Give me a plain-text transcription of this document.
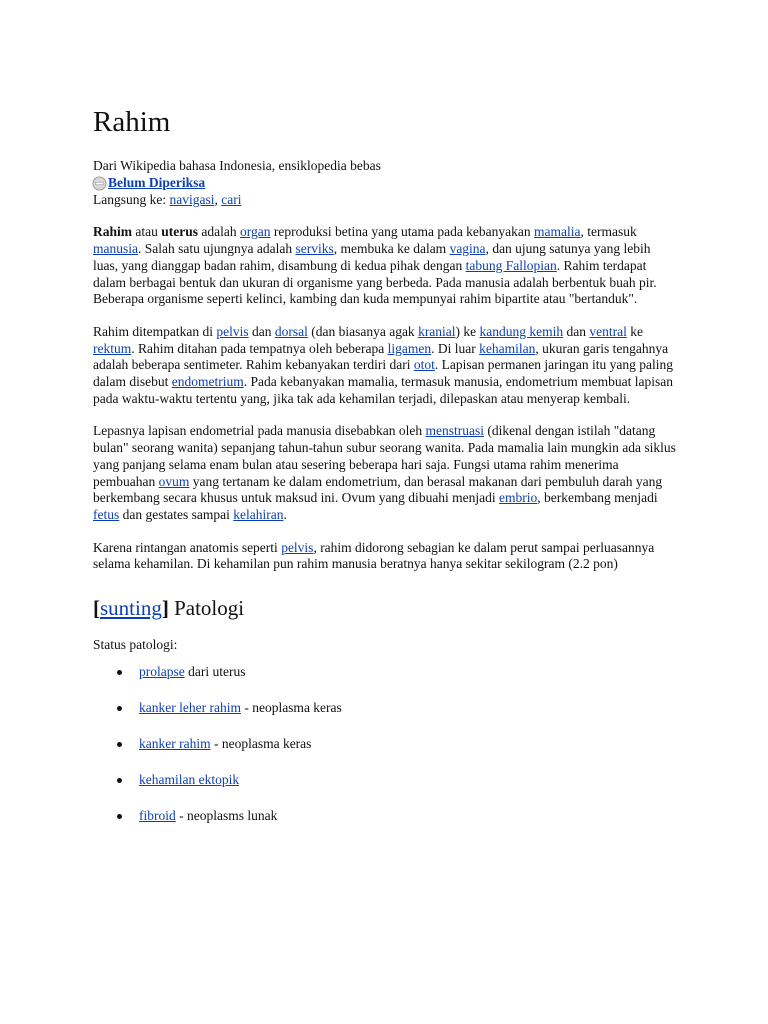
Rahim
Dari Wikipedia bahasa Indonesia, ensiklopedia bebas
Belum Diperiksa
Langsung ke: navigasi, cari

Rahim atau uterus adalah organ reproduksi betina yang utama pada kebanyakan mamalia, termasuk manusia. Salah satu ujungnya adalah serviks, membuka ke dalam vagina, dan ujung satunya yang lebih luas, yang dianggap badan rahim, disambung di kedua pihak dengan tabung Fallopian. Rahim terdapat dalam berbagai bentuk dan ukuran di organisme yang berbeda. Pada manusia adalah berbentuk buah pir. Beberapa organisme seperti kelinci, kambing dan kuda mempunyai rahim bipartite atau "bertanduk".

Rahim ditempatkan di pelvis dan dorsal (dan biasanya agak kranial) ke kandung kemih dan ventral ke rektum. Rahim ditahan pada tempatnya oleh beberapa ligamen. Di luar kehamilan, ukuran garis tengahnya adalah beberapa sentimeter. Rahim kebanyakan terdiri dari otot. Lapisan permanen jaringan itu yang paling dalam disebut endometrium. Pada kebanyakan mamalia, termasuk manusia, endometrium membuat lapisan pada waktu-waktu tertentu yang, jika tak ada kehamilan terjadi, dilepaskan atau menyerap kembali.

Lepasnya lapisan endometrial pada manusia disebabkan oleh menstruasi (dikenal dengan istilah "datang bulan" seorang wanita) sepanjang tahun-tahun subur seorang wanita. Pada mamalia lain mungkin ada siklus yang panjang selama enam bulan atau sesering beberapa hari saja. Fungsi utama rahim menerima pembuahan ovum yang tertanam ke dalam endometrium, dan berasal makanan dari pembuluh darah yang berkembang secara khusus untuk maksud ini. Ovum yang dibuahi menjadi embrio, berkembang menjadi fetus dan gestates sampai kelahiran.

Karena rintangan anatomis seperti pelvis, rahim didorong sebagian ke dalam perut sampai perluasannya selama kehamilan. Di kehamilan pun rahim manusia beratnya hanya sekitar sekilogram (2.2 pon)

[sunting] Patologi
Status patologi:
prolapse dari uterus
kanker leher rahim - neoplasma keras
kanker rahim - neoplasma keras
kehamilan ektopik
fibroid - neoplasms lunak
